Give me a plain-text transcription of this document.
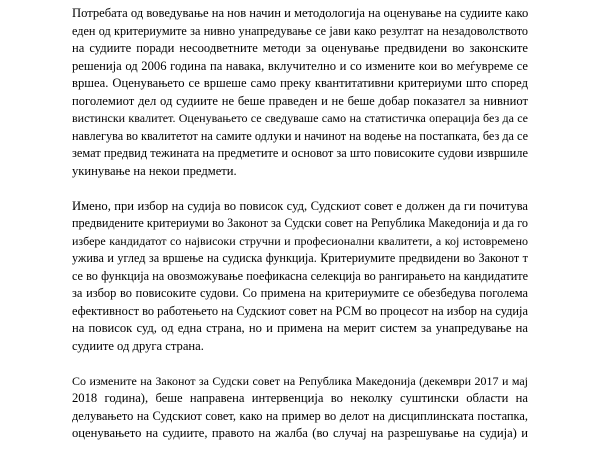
Потребата од воведување на нов начин и методологија на оценување на судиите како
еден од критериумите за нивно унапредување се јави како резултат на незадоволството
на судиите поради несоодветните методи за оценување предвидени во законските
решенија од 2006 година па навака, вклучително и со измените кои во меѓувреме се
вршеа. Оценувањето се вршеше само преку квантитативни критериуми што според
поголемиот дел од судиите не беше праведен и не беше добар показател за нивниот
вистински квалитет. Оценувањето се сведуваше само на статистичка операција без да се
навлегува во квалитетот на самите одлуки и начинот на водење на постапката, без да се
земат предвид тежината на предметите и основот за што повисоките судови извршиле
укинување на некои предмети.
Имено, при избор на судија во повисок суд, Судскиот совет е должен да ги почитува
предвидените критериуми во Законот за Судски совет на Република Македонија и да го
избере кандидатот со највисоки стручни и професионални квалитети, а кој истовремено
ужива и углед за вршење на судиска функција. Критериумите предвидени во Законот т
се во функција на овозможување поефикасна селекција во рангирањето на кандидатите
за избор во повисоките судови. Со примена на критериумите се обезбедува поголема
ефективност во работењето на Судскиот совет на РСМ во процесот на избор на судија
на повисок суд, од една страна, но и примена на мерит систем за унапредување на
судиите од друга страна.
Со измените на Законот за Судски совет на Република Македонија (декември 2017 и мај
2018 година), беше направена интервенција во неколку суштински области на
делувањето на Судскиот совет, како на пример во делот на дисциплинската постапка,
оценувањето на судиите, правото на жалба (во случај на разрешување на судија) и
